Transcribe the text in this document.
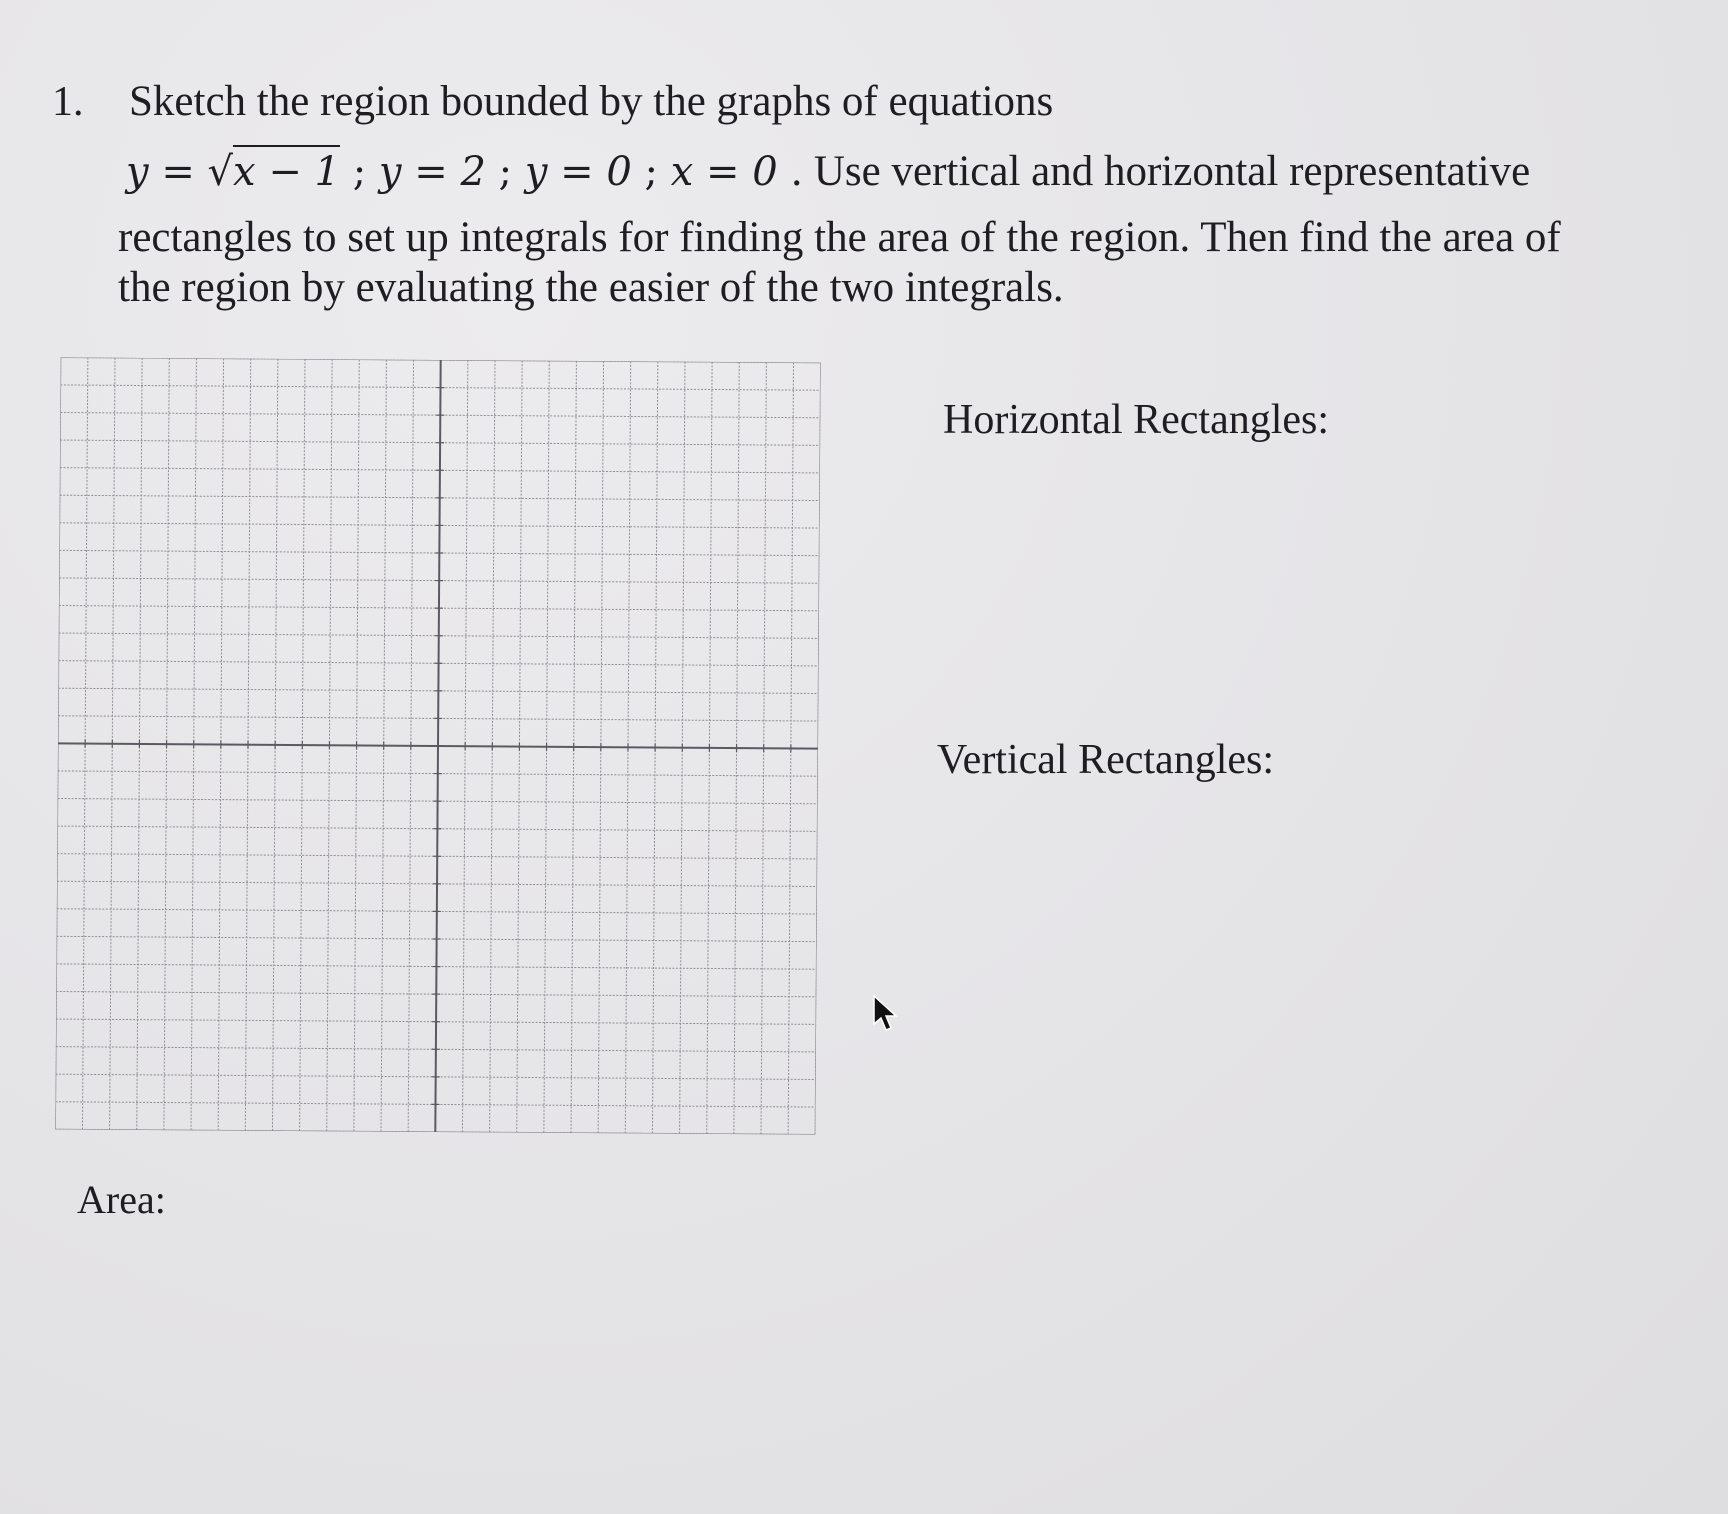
1. Sketch the region bounded by the graphs of equations
y = √x − 1 ; y = 2 ; y = 0 ; x = 0 . Use vertical and horizontal representative
rectangles to set up integrals for finding the area of the region. Then find the area of
the region by evaluating the easier of the two integrals.
Horizontal Rectangles:
Vertical Rectangles:
Area:
